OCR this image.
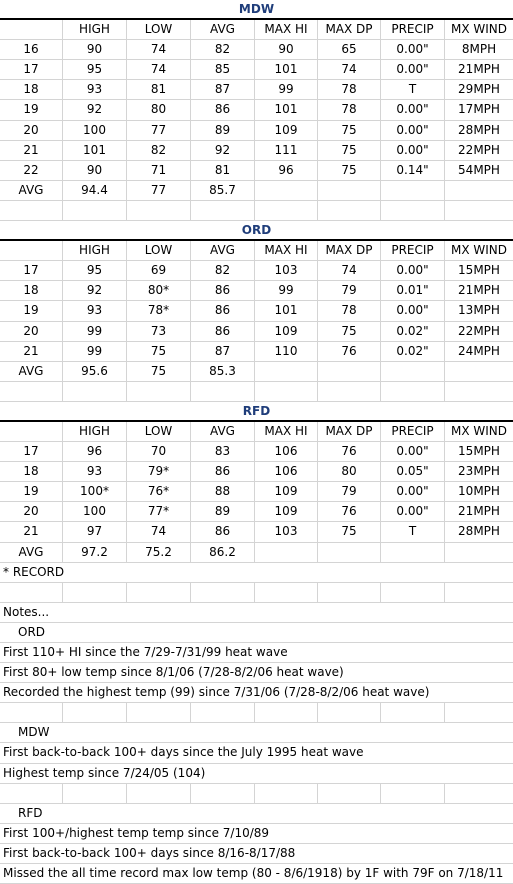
MDW
HIGH	LOW	AVG	MAX HI	MAX DP	PRECIP	MX WIND
16	90	74	82	90	65	0.00"	8MPH
17	95	74	85	101	74	0.00"	21MPH
18	93	81	87	99	78	T	29MPH
19	92	80	86	101	78	0.00"	17MPH
20	100	77	89	109	75	0.00"	28MPH
21	101	82	92	111	75	0.00"	22MPH
22	90	71	81	96	75	0.14"	54MPH
AVG	94.4	77	85.7
ORD
HIGH	LOW	AVG	MAX HI	MAX DP	PRECIP	MX WIND
17	95	69	82	103	74	0.00"	15MPH
18	92	80*	86	99	79	0.01"	21MPH
19	93	78*	86	101	78	0.00"	13MPH
20	99	73	86	109	75	0.02"	22MPH
21	99	75	87	110	76	0.02"	24MPH
AVG	95.6	75	85.3
RFD
HIGH	LOW	AVG	MAX HI	MAX DP	PRECIP	MX WIND
17	96	70	83	106	76	0.00"	15MPH
18	93	79*	86	106	80	0.05"	23MPH
19	100*	76*	88	109	79	0.00"	10MPH
20	100	77*	89	109	76	0.00"	21MPH
21	97	74	86	103	75	T	28MPH
AVG	97.2	75.2	86.2
* RECORD
Notes...
ORD
First 110+ HI since the 7/29-7/31/99 heat wave
First 80+ low temp since 8/1/06 (7/28-8/2/06 heat wave)
Recorded the highest temp (99) since 7/31/06 (7/28-8/2/06 heat wave)
MDW
First back-to-back 100+ days since the July 1995 heat wave
Highest temp since 7/24/05 (104)
RFD
First 100+/highest temp temp since 7/10/89
First back-to-back 100+ days since 8/16-8/17/88
Missed the all time record max low temp (80 - 8/6/1918) by 1F with 79F on 7/18/11
